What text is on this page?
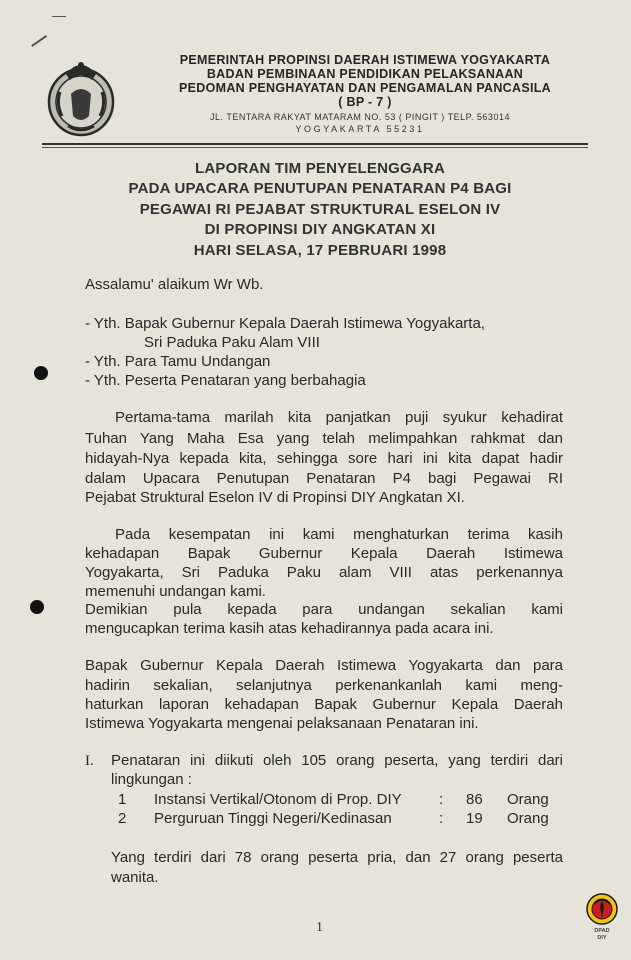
PEMERINTAH PROPINSI DAERAH ISTIMEWA YOGYAKARTA
BADAN PEMBINAAN PENDIDIKAN PELAKSANAAN
PEDOMAN PENGHAYATAN DAN PENGAMALAN PANCASILA
( BP - 7 )
JL. TENTARA RAKYAT MATARAM NO. 53 ( PINGIT ) TELP. 563014
YOGYAKARTA 55231
LAPORAN TIM PENYELENGGARA
PADA UPACARA PENUTUPAN PENATARAN P4 BAGI
PEGAWAI RI PEJABAT STRUKTURAL ESELON IV
DI PROPINSI DIY ANGKATAN XI
HARI SELASA, 17 PEBRUARI 1998
Assalamu' alaikum Wr Wb.
- Yth. Bapak Gubernur Kepala Daerah Istimewa Yogyakarta,
Sri Paduka Paku Alam VIII
- Yth. Para Tamu Undangan
- Yth. Peserta Penataran yang berbahagia
Pertama-tama marilah kita panjatkan puji syukur kehadirat
Tuhan Yang Maha Esa yang telah melimpahkan rahkmat dan
hidayah-Nya kepada kita, sehingga sore hari ini kita dapat hadir
dalam Upacara Penutupan Penataran P4 bagi Pegawai RI
Pejabat Struktural Eselon IV di Propinsi DIY Angkatan XI.
Pada kesempatan ini kami menghaturkan terima kasih
kehadapan Bapak Gubernur Kepala Daerah Istimewa
Yogyakarta, Sri Paduka Paku alam VIII atas perkenannya
memenuhi undangan kami.
Demikian pula kepada para undangan sekalian kami
mengucapkan terima kasih atas kehadirannya pada acara ini.
Bapak Gubernur Kepala Daerah Istimewa Yogyakarta dan para
hadirin sekalian, selanjutnya perkenankanlah kami meng-
haturkan laporan kehadapan Bapak Gubernur Kepala Daerah
Istimewa Yogyakarta mengenai pelaksanaan Penataran ini.
I. Penataran ini diikuti oleh 105 orang peserta, yang terdiri dari
lingkungan :
1 Instansi Vertikal/Otonom di Prop. DIY : 86 Orang
2 Perguruan Tinggi Negeri/Kedinasan	: 19 Orang
Yang terdiri dari 78 orang peserta pria, dan 27 orang peserta
wanita.
1	DPAD
DIY
